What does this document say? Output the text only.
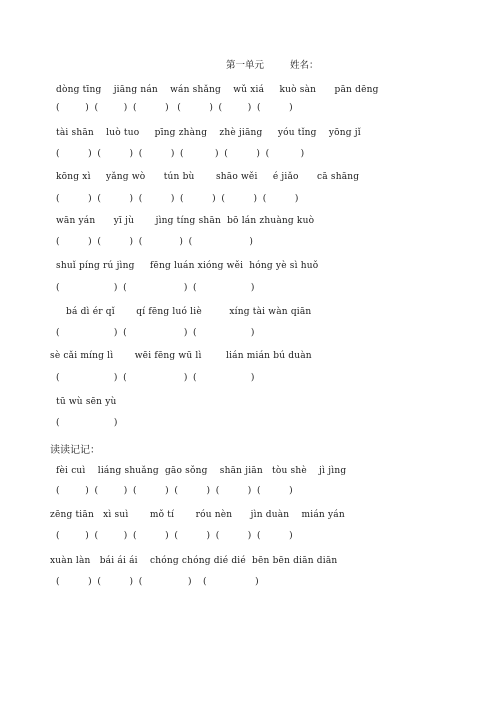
第一单元	姓名：
dòng tīng    jiāng nán    wán shǎng    wǔ xiá     kuò sàn      pān dēng
(         )  (         )  (          )   (          )  (         )  (          )
tài shān    luò tuo     pīng zhàng    zhè jiāng     yóu tǐng    yōng jǐ
(          )  (          )  (          )  (           )  (          )  (           )
kōng xì     yǎng wò      tún bù       shāo wěi     é jiǎo      cā shāng
(          )  (          )  (          )  (          )  (          )  (          )
wān yán      yī jù       jìng tíng shān  bō lán zhuàng kuò
(          )  (          )  (             )  (                    )
shuǐ píng rú jìng     fēng luán xióng wěi  hóng yè sì huǒ
(                   )  (                    )  (                   )
bá dì ér qǐ       qí fēng luó liè         xíng tài wàn qiān
(                   )  (                    )  (                   )
sè cǎi míng lì       wēi fēng wū lì        lián mián bú duàn
(                   )  (                    )  (                   )
tū wù sēn yù
(                   )
读读记记：
fèi cuì    liáng shuǎng  gāo sǒng    shān jiān   tòu shè    jì jìng
(         )  (         )  (          )  (          )  (          )  (          )
zēng tiān   xì suì       mǒ tí       róu nèn      jìn duàn    mián yán
(         )  (         )  (          )  (          )  (          )  (          )
xuàn làn   bái ái ái    chóng chóng dié dié  bēn bēn diān diān
(          )  (          )  (                )    (                 )
